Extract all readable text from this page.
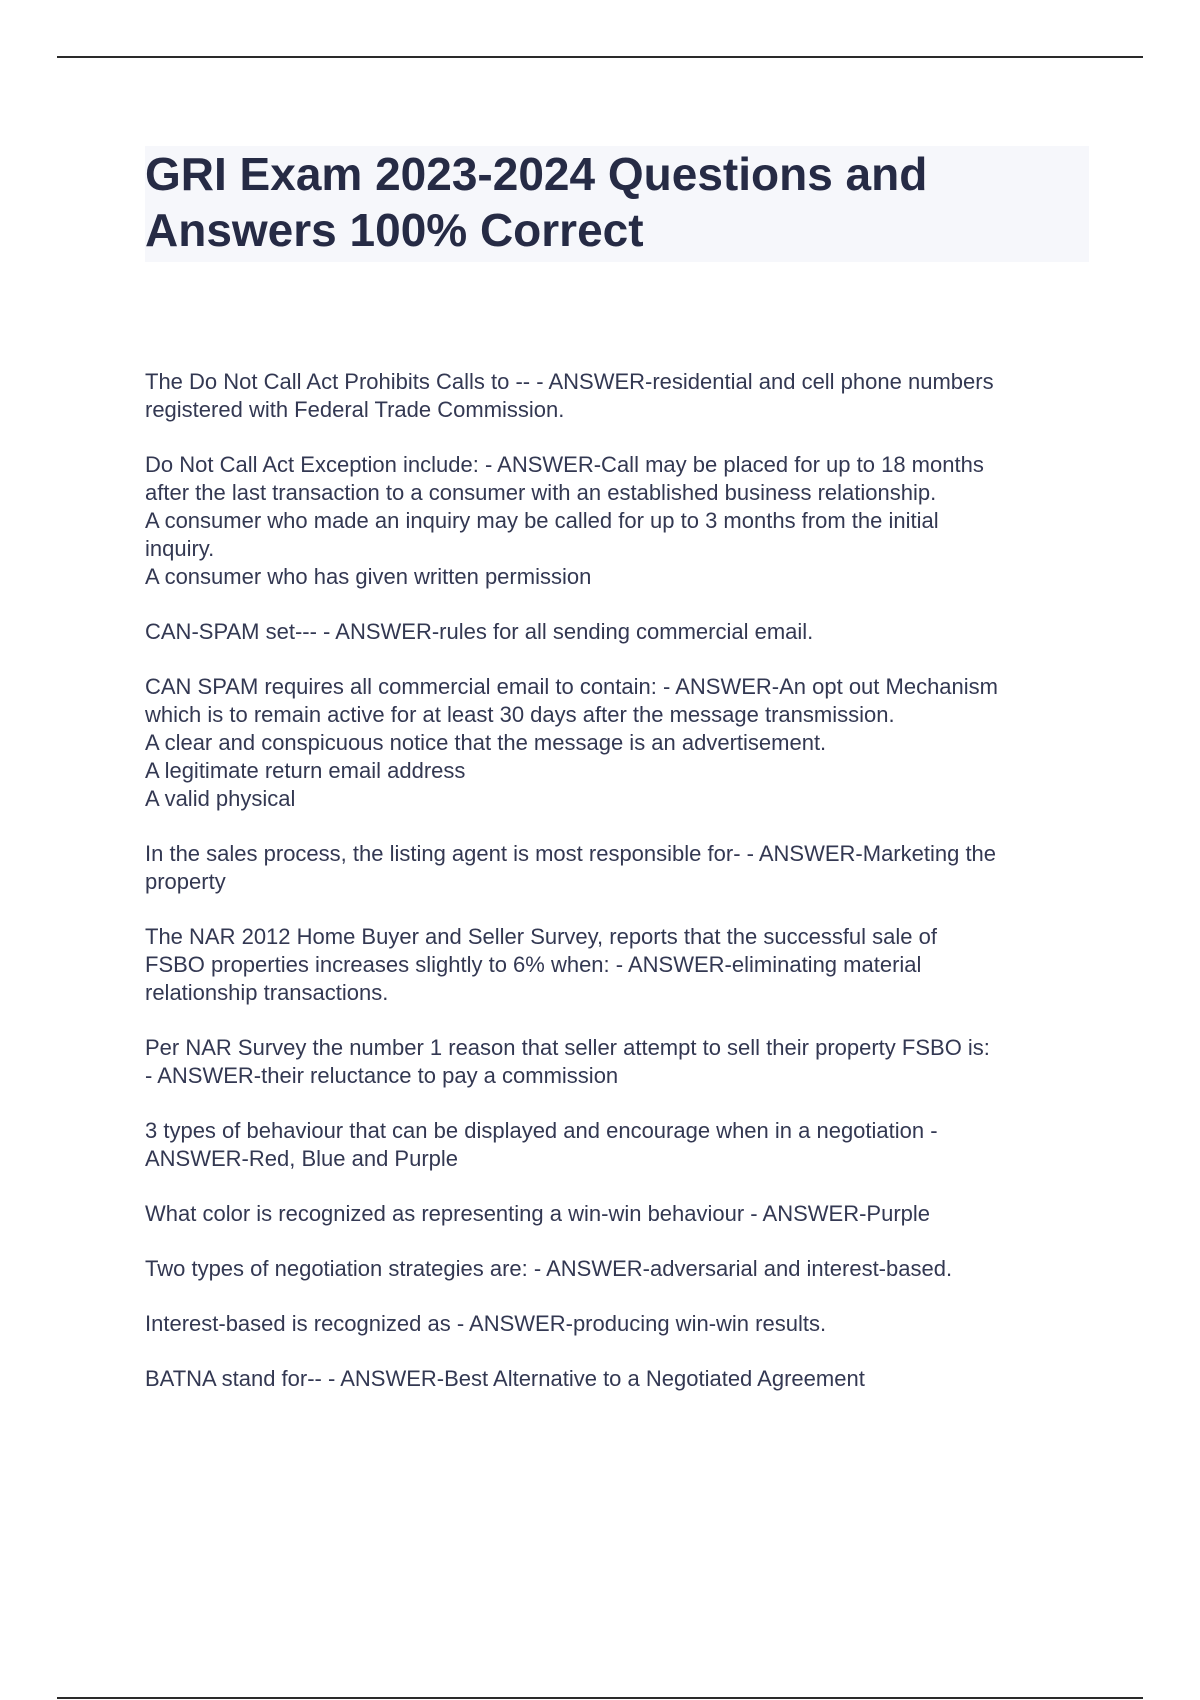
GRI Exam 2023-2024 Questions and
Answers 100% Correct

The Do Not Call Act Prohibits Calls to -- - ANSWER-residential and cell phone numbers
registered with Federal Trade Commission.

Do Not Call Act Exception include: - ANSWER-Call may be placed for up to 18 months
after the last transaction to a consumer with an established business relationship.
A consumer who made an inquiry may be called for up to 3 months from the initial
inquiry.
A consumer who has given written permission

CAN-SPAM set--- - ANSWER-rules for all sending commercial email.

CAN SPAM requires all commercial email to contain: - ANSWER-An opt out Mechanism
which is to remain active for at least 30 days after the message transmission.
A clear and conspicuous notice that the message is an advertisement.
A legitimate return email address
A valid physical

In the sales process, the listing agent is most responsible for- - ANSWER-Marketing the
property

The NAR 2012 Home Buyer and Seller Survey, reports that the successful sale of
FSBO properties increases slightly to 6% when: - ANSWER-eliminating material
relationship transactions.

Per NAR Survey the number 1 reason that seller attempt to sell their property FSBO is:
- ANSWER-their reluctance to pay a commission

3 types of behaviour that can be displayed and encourage when in a negotiation -
ANSWER-Red, Blue and Purple

What color is recognized as representing a win-win behaviour - ANSWER-Purple

Two types of negotiation strategies are: - ANSWER-adversarial and interest-based.

Interest-based is recognized as - ANSWER-producing win-win results.

BATNA stand for-- - ANSWER-Best Alternative to a Negotiated Agreement
